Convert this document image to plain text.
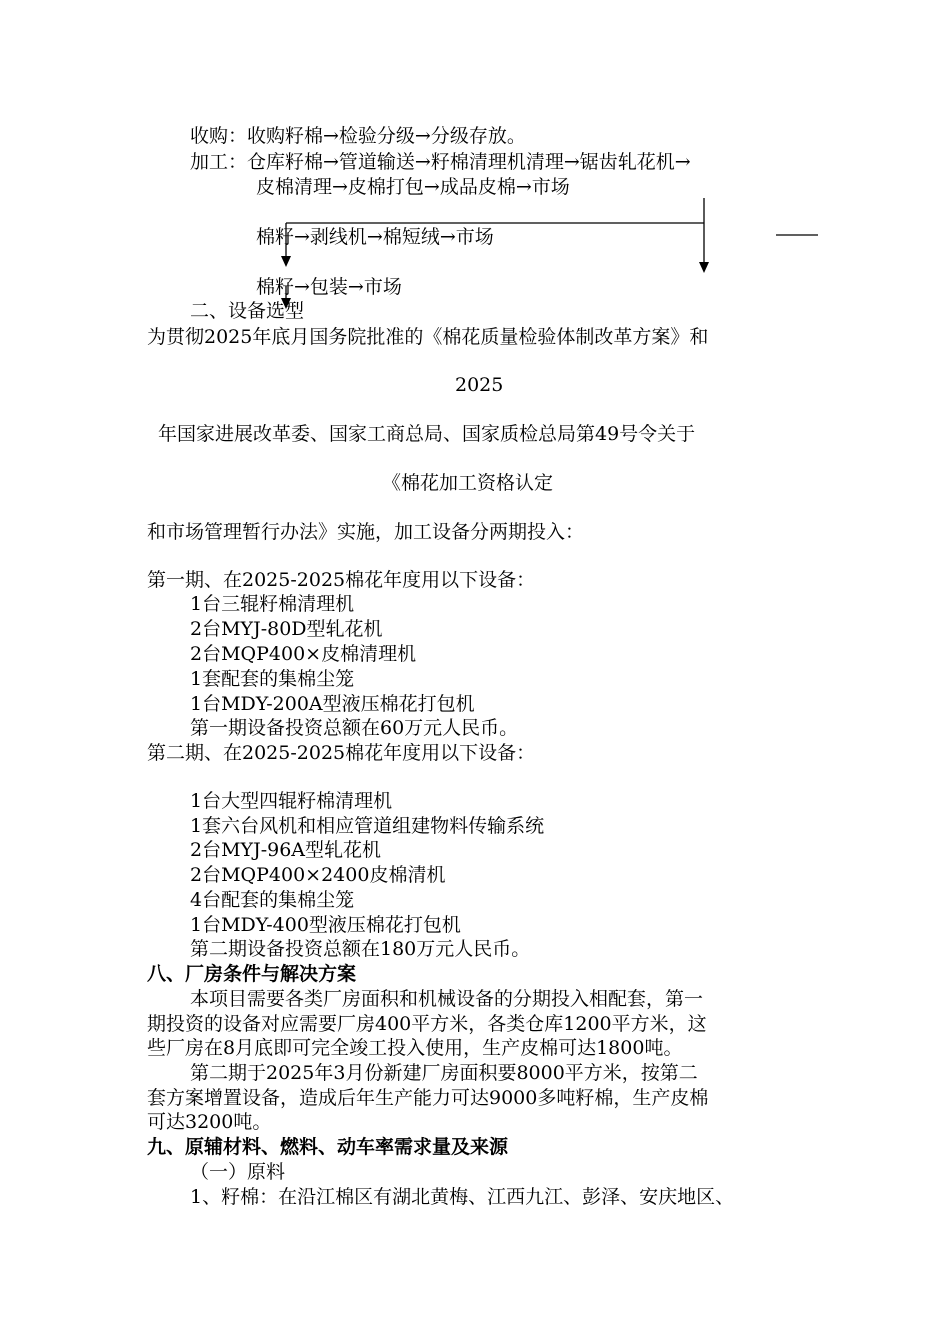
收购：收购籽棉→检验分级→分级存放。
加工：仓库籽棉→管道输送→籽棉清理机清理→锯齿轧花机→
皮棉清理→皮棉打包→成品皮棉→市场
棉籽→剥线机→棉短绒→市场
棉籽→包装→市场
二、设备选型
为贯彻2025年底月国务院批准的《棉花质量检验体制改革方案》和
2025
年国家进展改革委、国家工商总局、国家质检总局第49号令关于
《棉花加工资格认定
和市场管理暂行办法》实施，加工设备分两期投入：
第一期、在2025-2025棉花年度用以下设备：
1台三辊籽棉清理机
2台MYJ-80D型轧花机
2台MQP400×皮棉清理机
1套配套的集棉尘笼
1台MDY-200A型液压棉花打包机
第一期设备投资总额在60万元人民币。
第二期、在2025-2025棉花年度用以下设备：
1台大型四辊籽棉清理机
1套六台风机和相应管道组建物料传输系统
2台MYJ-96A型轧花机
2台MQP400×2400皮棉清机
4台配套的集棉尘笼
1台MDY-400型液压棉花打包机
第二期设备投资总额在180万元人民币。
八、厂房条件与解决方案
本项目需要各类厂房面积和机械设备的分期投入相配套，第一
期投资的设备对应需要厂房400平方米，各类仓库1200平方米，这
些厂房在8月底即可完全竣工投入使用，生产皮棉可达1800吨。
第二期于2025年3月份新建厂房面积要8000平方米，按第二
套方案增置设备，造成后年生产能力可达9000多吨籽棉，生产皮棉
可达3200吨。
九、原辅材料、燃料、动车率需求量及来源
（一）原料
1、籽棉：在沿江棉区有湖北黄梅、江西九江、彭泽、安庆地区、
